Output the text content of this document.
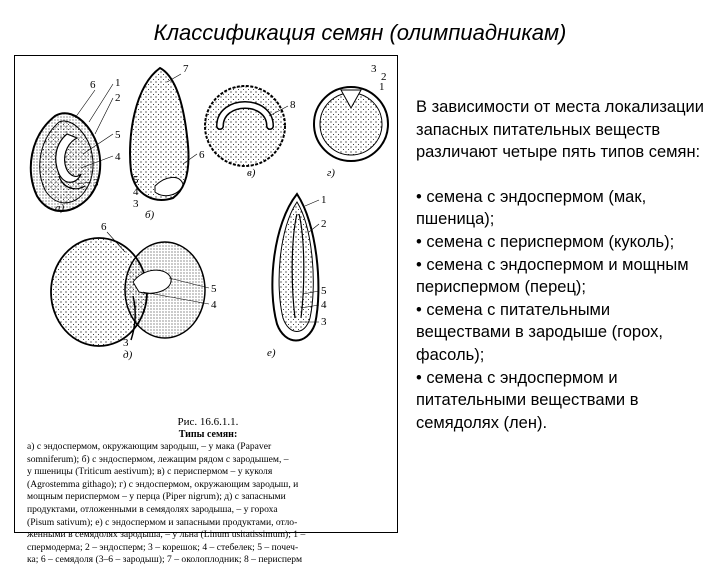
Классификация семян (олимпиадникам)
6 1
2
5
4
3
а)
7
6
5
4
3
б)
8
в)
3
2
1
г)
6
5
4
3
д)
1
2
5
4
3
е)
Рис. 16.6.1.1.
Типы семян:
а) с эндоспермом, окружающим зародыш, – у мака (Papaver
somniferum); б) с эндоспермом, лежащим рядом с зародышем, –
у пшеницы (Triticum aestivum); в) с периспермом – у куколя
(Agrostemma githago); г) с эндоспермом, окружающим зародыш, и
мощным периспермом – у перца (Piper nigrum); д) с запасными
продуктами, отложенными в семядолях зародыша, – у гороха
(Pisum sativum); е) с эндоспермом и запасными продуктами, отло-
женными в семядолях зародыша, – у льна (Linum usitatissimum); 1 –
спермодерма; 2 – эндосперм; 3 – корешок; 4 – стебелек; 5 – почеч-
ка; 6 – семядоля (3–6 – зародыш); 7 – околоплодник; 8 – перисперм

В зависимости от места локализации запасных питательных веществ различают четыре пять типов семян:

• семена с эндоспермом (мак, пшеница);

• семена с периспермом (куколь);

• семена с эндоспермом и мощным периспермом (перец);

• семена с питательными веществами в зародыше (горох, фасоль);

• семена с эндоспермом и питательными веществами в семядолях (лен).
